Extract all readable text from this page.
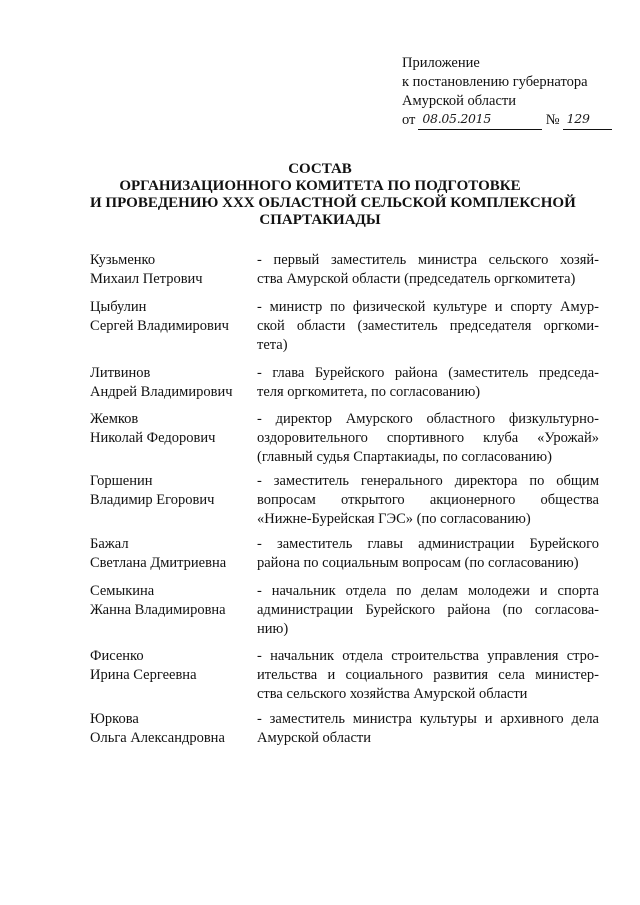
Приложение
к постановлению губернатора
Амурской области
от 08.05.2015	№ 129
СОСТАВ
ОРГАНИЗАЦИОННОГО КОМИТЕТА ПО ПОДГОТОВКЕ
И ПРОВЕДЕНИЮ XXX ОБЛАСТНОЙ СЕЛЬСКОЙ КОМПЛЕКСНОЙ
СПАРТАКИАДЫ
Кузьменко
Михаил Петрович
- первый заместитель министра сельского хозяй-
ства Амурской области (председатель оргкомитета)
Цыбулин
Сергей Владимирович
- министр по физической культуре и спорту Амур-
ской области (заместитель председателя оргкоми-
тета)
Литвинов
Андрей Владимирович
- глава Бурейского района (заместитель председа-
теля оргкомитета, по согласованию)
Жемков
Николай Федорович
- директор Амурского областного физкультурно-
оздоровительного спортивного клуба «Урожай»
(главный судья Спартакиады, по согласованию)
Горшенин
Владимир Егорович
- заместитель генерального директора по общим
вопросам открытого акционерного общества
«Нижне-Бурейская ГЭС» (по согласованию)
Бажал
Светлана Дмитриевна
- заместитель главы администрации Бурейского
района по социальным вопросам (по согласованию)
Семыкина
Жанна Владимировна
- начальник отдела по делам молодежи и спорта
администрации Бурейского района (по согласова-
нию)
Фисенко
Ирина Сергеевна
- начальник отдела строительства управления стро-
ительства и социального развития села министер-
ства сельского хозяйства Амурской области
Юркова
Ольга Александровна
- заместитель министра культуры и архивного дела
Амурской области
